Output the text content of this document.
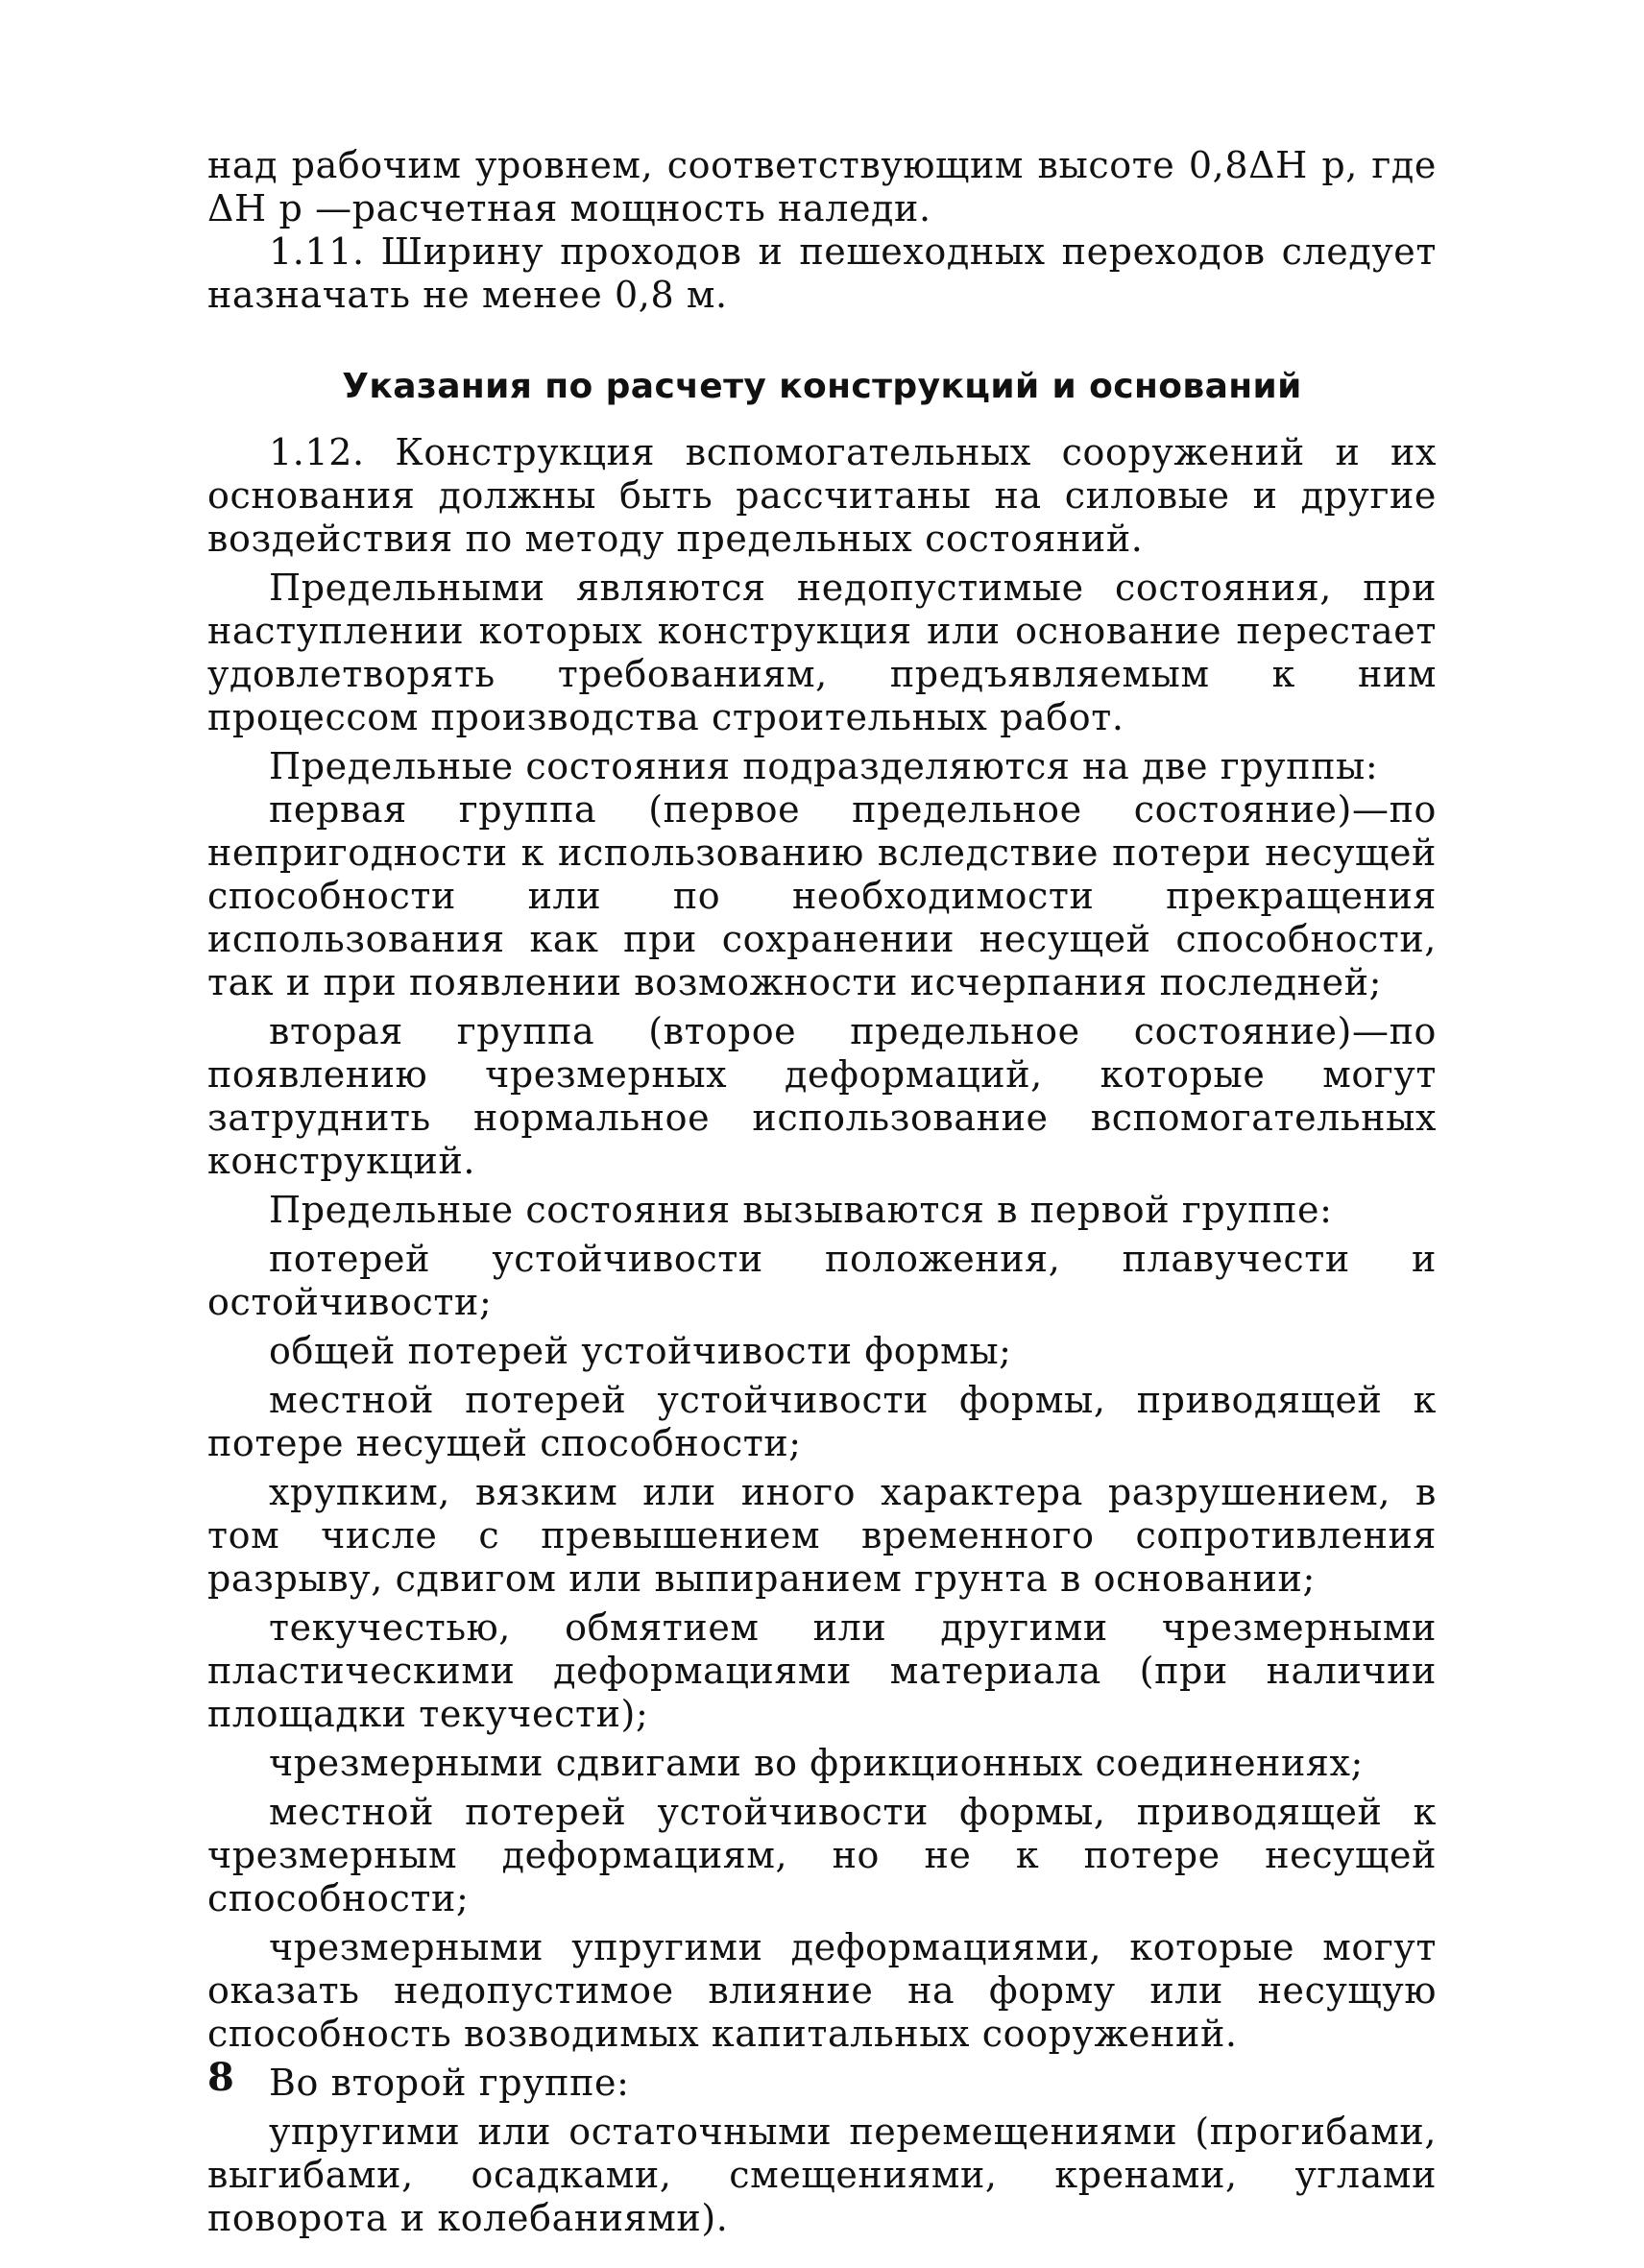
над рабочим уровнем, соответствующим высоте 0,8ΔH р, где ΔH р —расчетная мощность наледи.

1.11. Ширину проходов и пешеходных переходов следует назначать не менее 0,8 м.

Указания по расчету конструкций и оснований

1.12. Конструкция вспомогательных сооружений и их основания должны быть рассчитаны на силовые и другие воздействия по методу предельных состояний.

Предельными являются недопустимые состояния, при наступлении которых конструкция или основание перестает удовлетворять требованиям, предъявляемым к ним процессом производства строительных работ.

Предельные состояния подразделяются на две группы:

первая группа (первое предельное состояние)—по непригодности к использованию вследствие потери несущей способности или по необходимости прекращения использования как при сохранении несущей способности, так и при появлении возможности исчерпания последней;

вторая группа (второе предельное состояние)—по появлению чрезмерных деформаций, которые могут затруднить нормальное использование вспомогательных конструкций.

Предельные состояния вызываются в первой группе:

потерей устойчивости положения, плавучести и остойчивости;

общей потерей устойчивости формы;

местной потерей устойчивости формы, приводящей к потере несущей способности;

хрупким, вязким или иного характера разрушением, в том числе с превышением временного сопротивления разрыву, сдвигом или выпиранием грунта в основании;

текучестью, обмятием или другими чрезмерными пластическими деформациями материала (при наличии площадки текучести);

чрезмерными сдвигами во фрикционных соединениях;

местной потерей устойчивости формы, приводящей к чрезмерным деформациям, но не к потере несущей способности;

чрезмерными упругими деформациями, которые могут оказать недопустимое влияние на форму или несущую способность возводимых капитальных сооружений.

Во второй группе:

упругими или остаточными перемещениями (прогибами, выгибами, осадками, смещениями, кренами, углами поворота и колебаниями).

8
